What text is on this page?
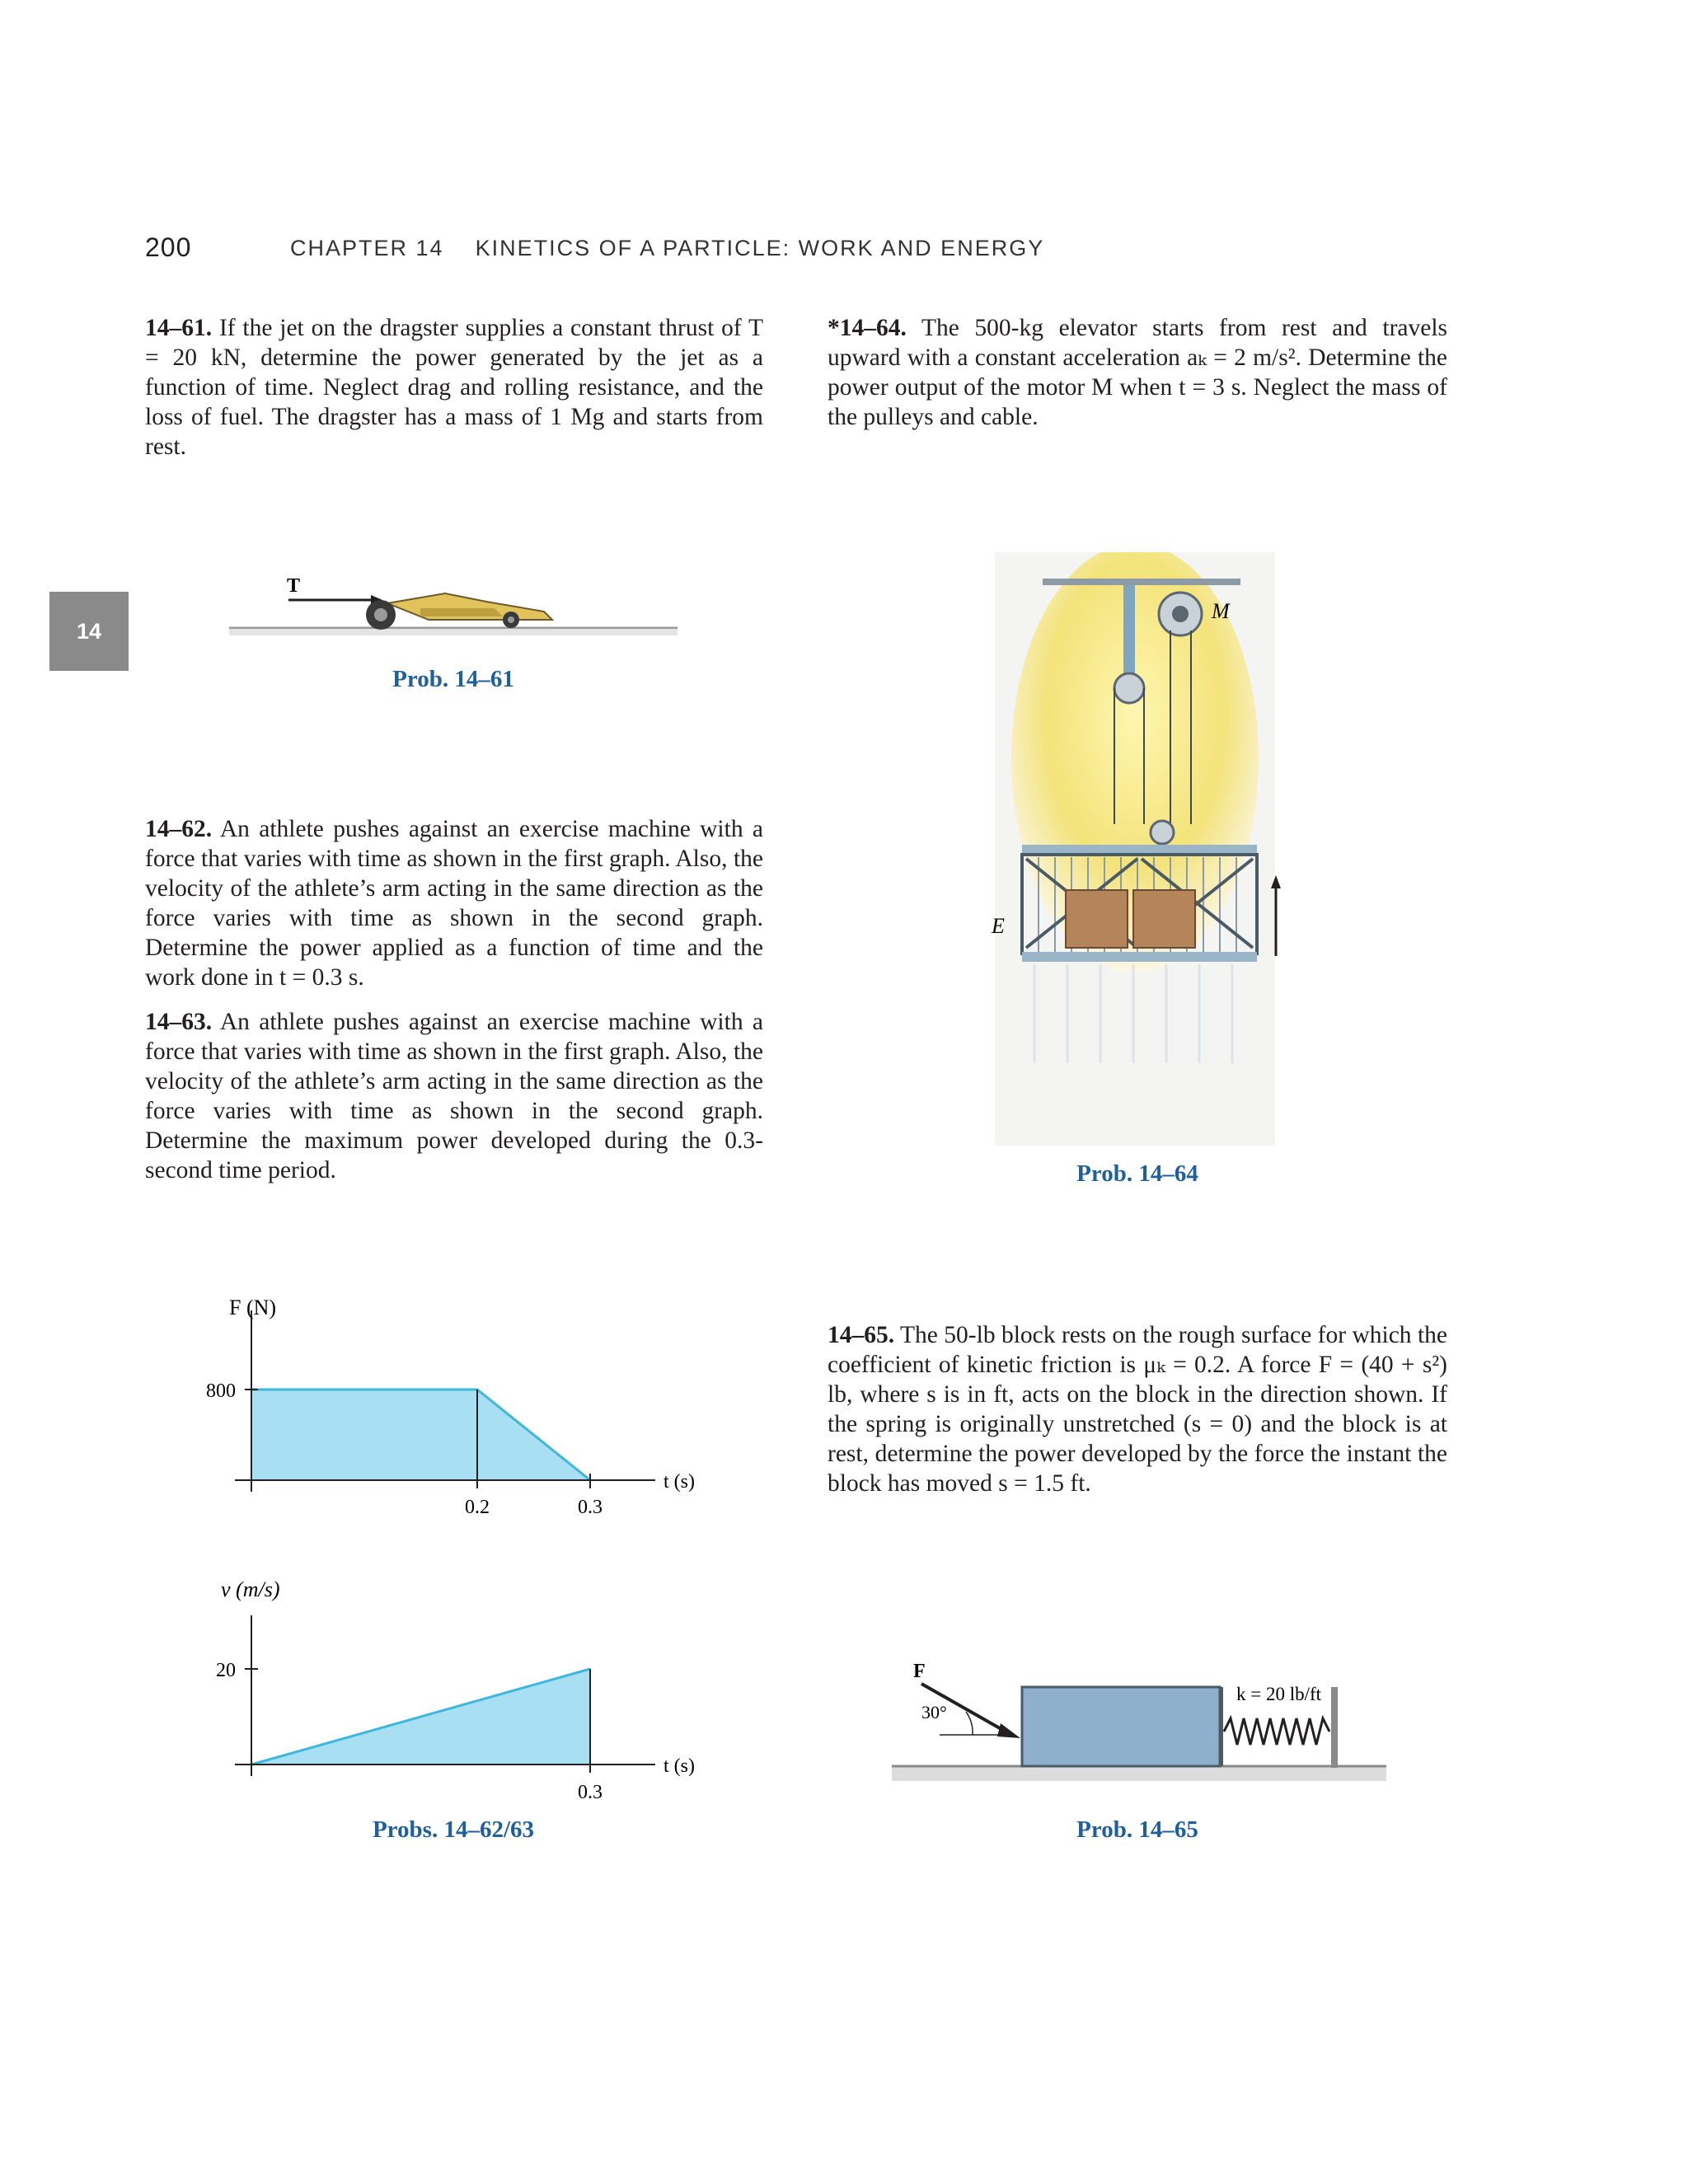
200	CHAPTER 14 KINETICS OF A PARTICLE: WORK AND ENERGY
14
14–61. If the jet on the dragster supplies a constant thrust of T = 20 kN, determine the power generated by the jet as a function of time. Neglect drag and rolling resistance, and the loss of fuel. The dragster has a mass of 1 Mg and starts from rest.
T
Prob. 14–61
14–62. An athlete pushes against an exercise machine with a force that varies with time as shown in the first graph. Also, the velocity of the athlete’s arm acting in the same direction as the force varies with time as shown in the second graph. Determine the power applied as a function of time and the work done in t = 0.3 s.
14–63. An athlete pushes against an exercise machine with a force that varies with time as shown in the first graph. Also, the velocity of the athlete’s arm acting in the same direction as the force varies with time as shown in the second graph. Determine the maximum power developed during the 0.3-second time period.
F (N)
800
0.2	0.3
t (s)
v (m/s)
20
0.3
t (s)
Probs. 14–62/63
*14–64. The 500-kg elevator starts from rest and travels upward with a constant acceleration aₖ = 2 m/s². Determine the power output of the motor M when t = 3 s. Neglect the mass of the pulleys and cable.
M
E
Prob. 14–64
14–65. The 50-lb block rests on the rough surface for which the coefficient of kinetic friction is μₖ = 0.2. A force F = (40 + s²) lb, where s is in ft, acts on the block in the direction shown. If the spring is originally unstretched (s = 0) and the block is at rest, determine the power developed by the force the instant the block has moved s = 1.5 ft.
k = 20 lb/ft
F
30°
Prob. 14–65
